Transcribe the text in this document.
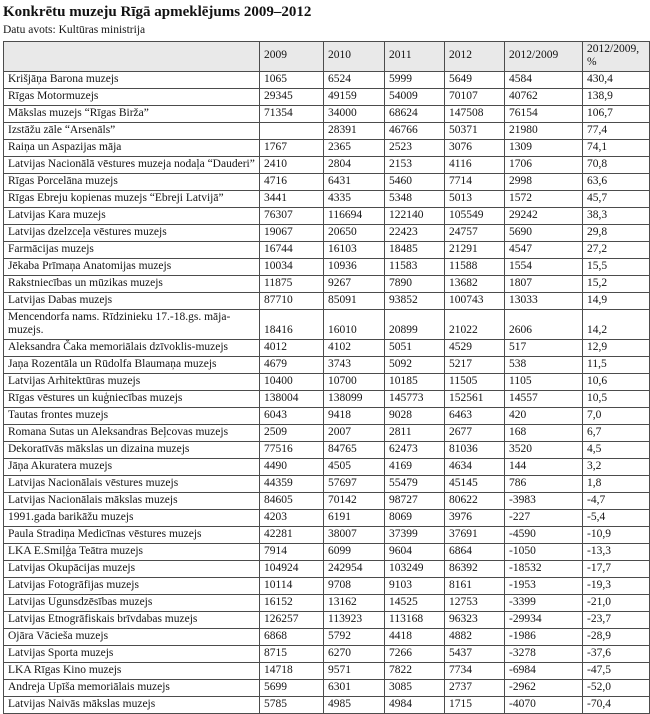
Konkrētu muzeju Rīgā apmeklējums 2009–2012
Datu avots: Kultūras ministrija
	2009	2010	2011	2012	2012/2009	2012/2009, %
Krišjāņa Barona muzejs	1065	6524	5999	5649	4584	430,4
Rīgas Motormuzejs	29345	49159	54009	70107	40762	138,9
Mākslas muzejs “Rīgas Birža”	71354	34000	68624	147508	76154	106,7
Izstāžu zāle “Arsenāls”		28391	46766	50371	21980	77,4
Raiņa un Aspazijas māja	1767	2365	2523	3076	1309	74,1
Latvijas Nacionālā vēstures muzeja nodaļa “Dauderi”	2410	2804	2153	4116	1706	70,8
Rīgas Porcelāna muzejs	4716	6431	5460	7714	2998	63,6
Rīgas Ebreju kopienas muzejs “Ebreji Latvijā”	3441	4335	5348	5013	1572	45,7
Latvijas Kara muzejs	76307	116694	122140	105549	29242	38,3
Latvijas dzelzceļa vēstures muzejs	19067	20650	22423	24757	5690	29,8
Farmācijas muzejs	16744	16103	18485	21291	4547	27,2
Jēkaba Prīmaņa Anatomijas muzejs	10034	10936	11583	11588	1554	15,5
Rakstniecības un mūzikas muzejs	11875	9267	7890	13682	1807	15,2
Latvijas Dabas muzejs	87710	85091	93852	100743	13033	14,9
Mencendorfa nams. Rīdzinieku 17.-18.gs. māja-muzejs.	18416	16010	20899	21022	2606	14,2
Aleksandra Čaka memoriālais dzīvoklis-muzejs	4012	4102	5051	4529	517	12,9
Jaņa Rozentāla un Rūdolfa Blaumaņa muzejs	4679	3743	5092	5217	538	11,5
Latvijas Arhitektūras muzejs	10400	10700	10185	11505	1105	10,6
Rīgas vēstures un kuģniecības muzejs	138004	138099	145773	152561	14557	10,5
Tautas frontes muzejs	6043	9418	9028	6463	420	7,0
Romana Sutas un Aleksandras Beļcovas muzejs	2509	2007	2811	2677	168	6,7
Dekoratīvās mākslas un dizaina muzejs	77516	84765	62473	81036	3520	4,5
Jāņa Akuratera muzejs	4490	4505	4169	4634	144	3,2
Latvijas Nacionālais vēstures muzejs	44359	57697	55479	45145	786	1,8
Latvijas Nacionālais mākslas muzejs	84605	70142	98727	80622	-3983	-4,7
1991.gada barikāžu muzejs	4203	6191	8069	3976	-227	-5,4
Paula Stradiņa Medicīnas vēstures muzejs	42281	38007	37399	37691	-4590	-10,9
LKA E.Smiļģa Teātra muzejs	7914	6099	9604	6864	-1050	-13,3
Latvijas Okupācijas muzejs	104924	242954	103249	86392	-18532	-17,7
Latvijas Fotogrāfijas muzejs	10114	9708	9103	8161	-1953	-19,3
Latvijas Ugunsdzēsības muzejs	16152	13162	14525	12753	-3399	-21,0
Latvijas Etnogrāfiskais brīvdabas muzejs	126257	113923	113168	96323	-29934	-23,7
Ojāra Vācieša muzejs	6868	5792	4418	4882	-1986	-28,9
Latvijas Sporta muzejs	8715	6270	7266	5437	-3278	-37,6
LKA Rīgas Kino muzejs	14718	9571	7822	7734	-6984	-47,5
Andreja Upīša memoriālais muzejs	5699	6301	3085	2737	-2962	-52,0
Latvijas Naivās mākslas muzejs	5785	4985	4984	1715	-4070	-70,4
